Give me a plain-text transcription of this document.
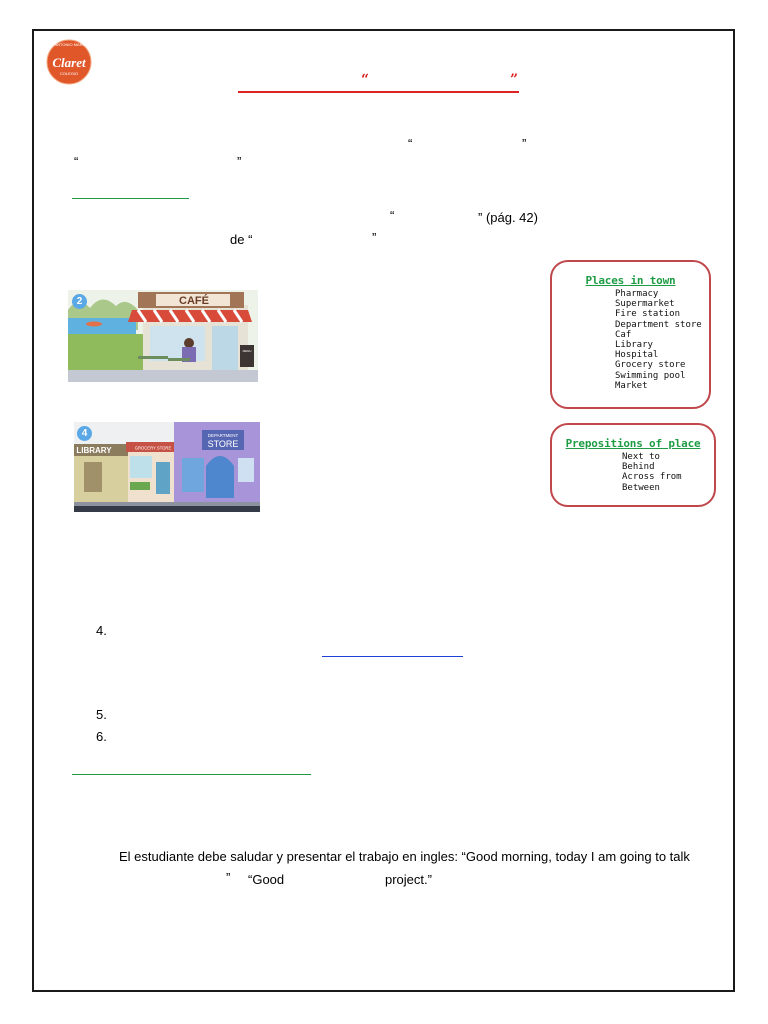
I.E.P. SAN ANTONIO MARÍA CLARET
Claret
COLEGIO	“	”
“	”
“	”
“	” (pág. 42)
de “	”
CAFÉ
MENU
2
LIBRARY	GROCERY STORE
DEPARTMENT
STORE
4
Places in town
Pharmacy
Supermarket
Fire station
Department store
Caf
Library
Hospital
Grocery store
Swimming pool
Market
Prepositions of place
Next to
Behind
Across from
Between
4.
5.
6.
El estudiante debe saludar y presentar el trabajo en ingles: “Good morning, today I am going to talk
” “Good	project.”
